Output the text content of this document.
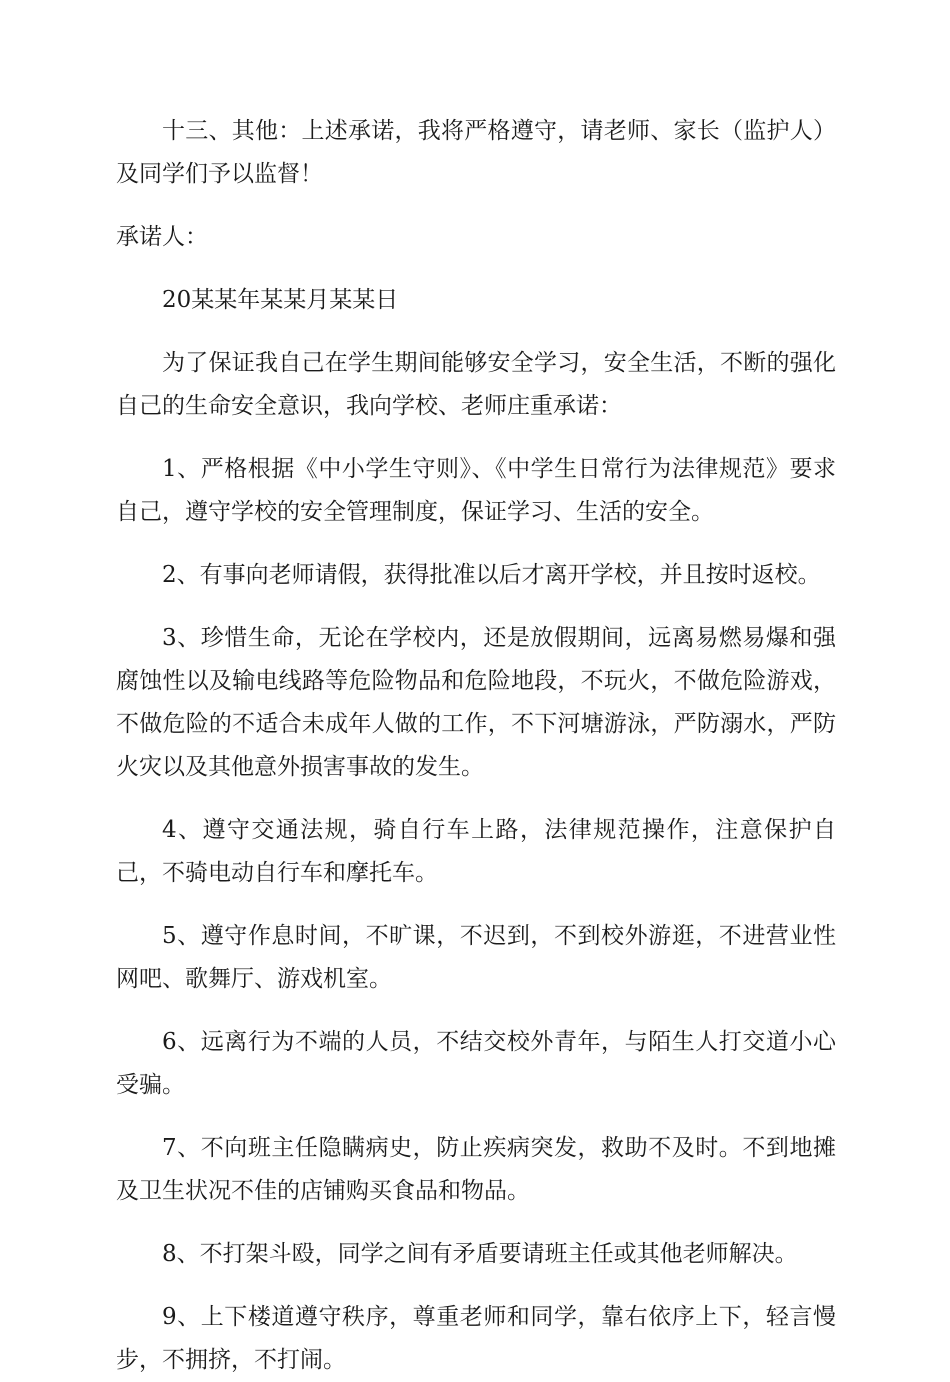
十三、其他：上述承诺，我将严格遵守，请老师、家长（监护人）及同学们予以监督！

承诺人：

20某某年某某月某某日

为了保证我自己在学生期间能够安全学习，安全生活，不断的强化自己的生命安全意识，我向学校、老师庄重承诺：

1、严格根据《中小学生守则》、《中学生日常行为法律规范》要求自己，遵守学校的安全管理制度，保证学习、生活的安全。

2、有事向老师请假，获得批准以后才离开学校，并且按时返校。

3、珍惜生命，无论在学校内，还是放假期间，远离易燃易爆和强腐蚀性以及输电线路等危险物品和危险地段，不玩火，不做危险游戏，不做危险的不适合未成年人做的工作，不下河塘游泳，严防溺水，严防火灾以及其他意外损害事故的发生。

4、遵守交通法规，骑自行车上路，法律规范操作，注意保护自己，不骑电动自行车和摩托车。

5、遵守作息时间，不旷课，不迟到，不到校外游逛，不进营业性网吧、歌舞厅、游戏机室。

6、远离行为不端的人员，不结交校外青年，与陌生人打交道小心受骗。

7、不向班主任隐瞒病史，防止疾病突发，救助不及时。不到地摊及卫生状况不佳的店铺购买食品和物品。

8、不打架斗殴，同学之间有矛盾要请班主任或其他老师解决。

9、上下楼道遵守秩序，尊重老师和同学，靠右依序上下，轻言慢步，不拥挤，不打闹。
